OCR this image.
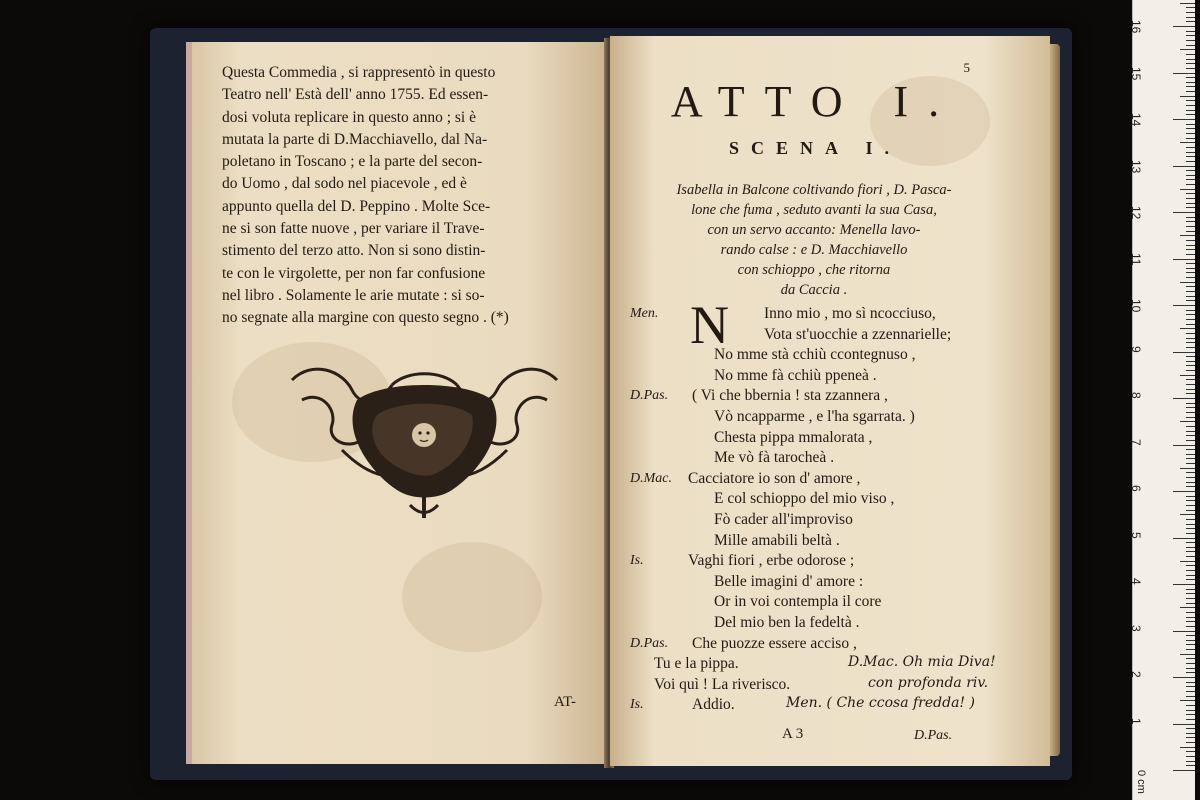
Questa Commedia , si rappresentò in questo
Teatro nell' Està dell' anno 1755. Ed essen-
dosi voluta replicare in questo anno ; si è
mutata la parte di D.Macchiavello, dal Na-
poletano in Toscano ; e la parte del secon-
do Uomo , dal sodo nel piacevole , ed è
appunto quella del D. Peppino . Molte Sce-
ne si son fatte nuove , per variare il Trave-
stimento del terzo atto. Non si sono distin-
te con le virgolette, per non far confusione
nel libro . Solamente le arie mutate : si so-
no segnate alla margine con questo segno . (*)
AT-
5
ATTO I.
SCENA I.
Isabella in Balcone coltivando fiori , D. Pasca-
lone che fuma , seduto avanti la sua Casa,
con un servo accanto: Menella lavo-
rando calse : e D. Macchiavello
con schioppo , che ritorna
da Caccia .
N
Men.	Inno mio , mo sì ncocciuso,
Vota st'uocchie a zzennarielle;
No mme stà cchiù ccontegnuso ,
No mme fà cchiù ppeneà .
D.Pas. ( Vi che bbernia ! sta zzannera ,
Vò ncapparme , e l'ha sgarrata. )
Chesta pippa mmalorata ,
Me vò fà tarocheà .
D.Mac. Cacciatore io son d' amore ,
E col schioppo del mio viso ,
Fò cader all'improviso
Mille amabili beltà .
Is.	Vaghi fiori , erbe odorose ;
Belle imagini d' amore :
Or in voi contempla il core
Del mio ben la fedeltà .
D.Pas. Che puozze essere acciso ,
Tu e la pippa.
Voi quì ! La riverisco.
Is.	Addio.
D.Mac. Oh mia Diva!
con profonda riv.
Men. ( Che ccosa fredda! )
A 3	D.Pas.
0 cm
1
2
3
4
5
6
7
8
9
10
11
12
13
14
15
16
